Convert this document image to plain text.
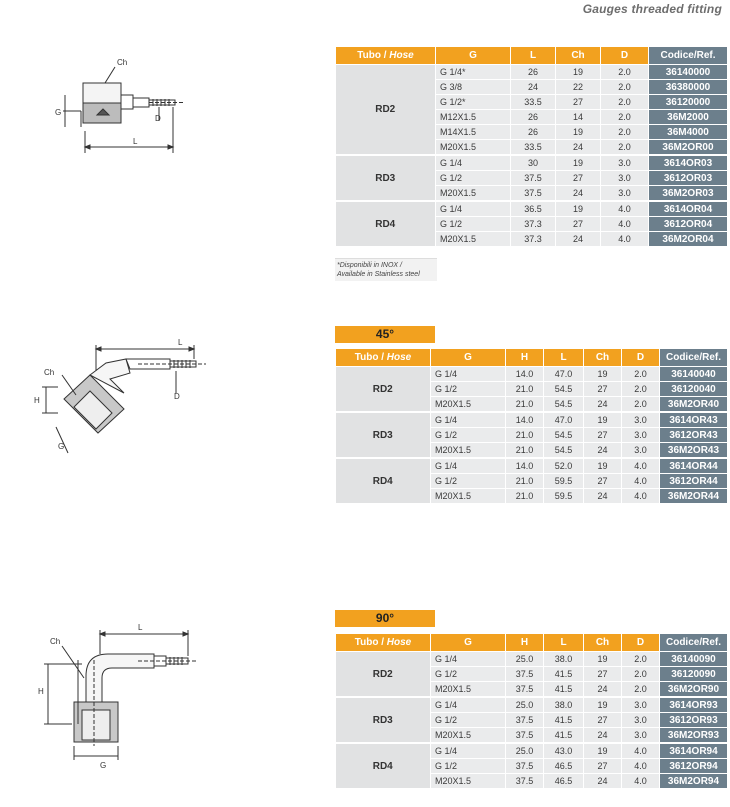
Gauges threaded fitting
Ch
G
D
L
L
Ch
H	D
G
L
Ch
H
G
Tubo / Hose	G	L	Ch	D	Codice/Ref.
RD2	G 1/4*	26	19	2.0	36140000
	G 3/8	24	22	2.0	36380000
	G 1/2*	33.5	27	2.0	36120000
	M12X1.5	26	14	2.0	36M2000
	M14X1.5	26	19	2.0	36M4000
	M20X1.5	33.5	24	2.0	36M2OR00
RD3	G 1/4	30	19	3.0	3614OR03
	G 1/2	37.5	27	3.0	3612OR03
	M20X1.5	37.5	24	3.0	36M2OR03
RD4	G 1/4	36.5	19	4.0	3614OR04
	G 1/2	37.3	27	4.0	3612OR04
	M20X1.5	37.3	24	4.0	36M2OR04
*Disponibili in INOX /
Available in Stainless steel
45°
Tubo / Hose	G	H	L	Ch	D	Codice/Ref.
RD2	G 1/4	14.0	47.0	19	2.0	36140040
	G 1/2	21.0	54.5	27	2.0	36120040
	M20X1.5	21.0	54.5	24	2.0	36M2OR40
RD3	G 1/4	14.0	47.0	19	3.0	3614OR43
	G 1/2	21.0	54.5	27	3.0	3612OR43
	M20X1.5	21.0	54.5	24	3.0	36M2OR43
RD4	G 1/4	14.0	52.0	19	4.0	3614OR44
	G 1/2	21.0	59.5	27	4.0	3612OR44
	M20X1.5	21.0	59.5	24	4.0	36M2OR44
90°
Tubo / Hose	G	H	L	Ch	D	Codice/Ref.
RD2	G 1/4	25.0	38.0	19	2.0	36140090
	G 1/2	37.5	41.5	27	2.0	36120090
	M20X1.5	37.5	41.5	24	2.0	36M2OR90
RD3	G 1/4	25.0	38.0	19	3.0	3614OR93
	G 1/2	37.5	41.5	27	3.0	3612OR93
	M20X1.5	37.5	41.5	24	3.0	36M2OR93
RD4	G 1/4	25.0	43.0	19	4.0	3614OR94
	G 1/2	37.5	46.5	27	4.0	3612OR94
	M20X1.5	37.5	46.5	24	4.0	36M2OR94
